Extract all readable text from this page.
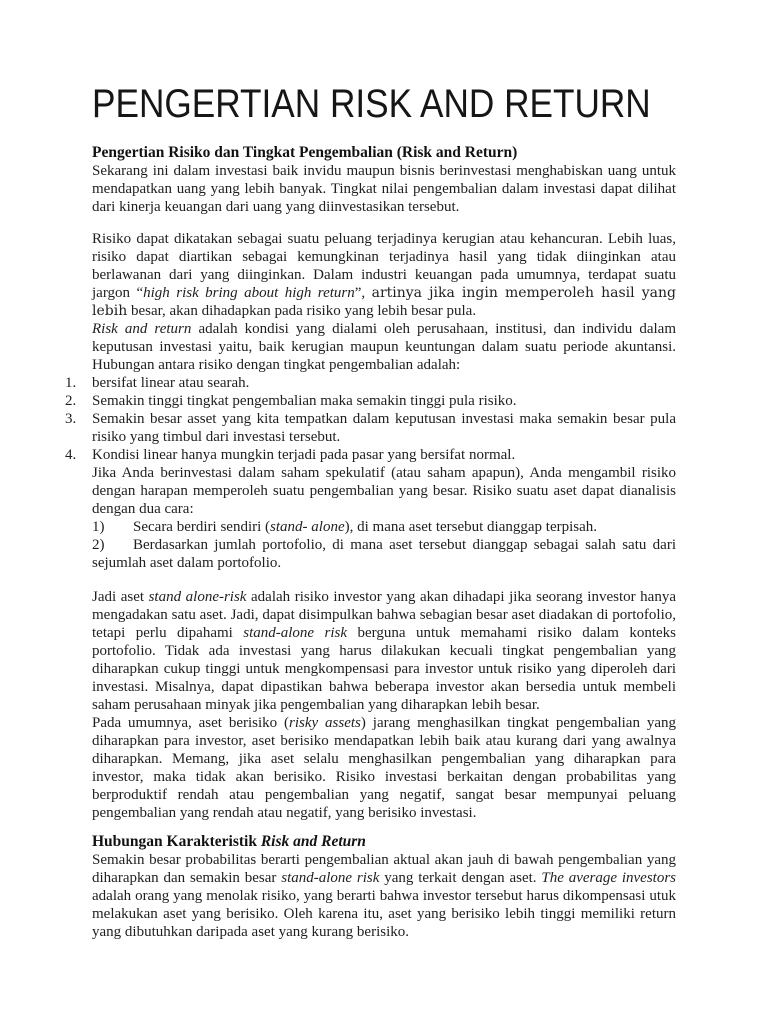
PENGERTIAN RISK AND RETURN
Pengertian Risiko dan Tingkat Pengembalian (Risk and Return)

Sekarang ini dalam investasi baik invidu maupun bisnis berinvestasi menghabiskan uang untuk mendapatkan uang yang lebih banyak. Tingkat nilai pengembalian dalam investasi dapat dilihat dari kinerja keuangan dari uang yang diinvestasikan tersebut.

Risiko dapat dikatakan sebagai suatu peluang terjadinya kerugian atau kehancuran. Lebih luas, risiko dapat diartikan sebagai kemungkinan terjadinya hasil yang tidak diinginkan atau berlawanan dari yang diinginkan. Dalam industri keuangan pada umumnya, terdapat suatu jargon “high risk bring about high return”, artinya jika ingin memperoleh hasil yang lebih besar, akan dihadapkan pada risiko yang lebih besar pula.

Risk and return adalah kondisi yang dialami oleh perusahaan, institusi, dan individu dalam keputusan investasi yaitu, baik kerugian maupun keuntungan dalam suatu periode akuntansi. Hubungan antara risiko dengan tingkat pengembalian adalah:

1.	bersifat linear atau searah.
2.	Semakin tinggi tingkat pengembalian maka semakin tinggi pula risiko.
3.	Semakin besar asset yang kita tempatkan dalam keputusan investasi maka semakin besar pula risiko yang timbul dari investasi tersebut.
4.	Kondisi linear hanya mungkin terjadi pada pasar yang bersifat normal.

Jika Anda berinvestasi dalam saham spekulatif (atau saham apapun), Anda mengambil risiko dengan harapan memperoleh suatu pengembalian yang besar. Risiko suatu aset dapat dianalisis dengan dua cara:

1) Secara berdiri sendiri (stand- alone), di mana aset tersebut dianggap terpisah.
2) Berdasarkan jumlah portofolio, di mana aset tersebut dianggap sebagai salah satu dari sejumlah aset dalam portofolio.

Jadi aset stand alone-risk adalah risiko investor yang akan dihadapi jika seorang investor hanya mengadakan satu aset. Jadi, dapat disimpulkan bahwa sebagian besar aset diadakan di portofolio, tetapi perlu dipahami stand-alone risk berguna untuk memahami risiko dalam konteks portofolio. Tidak ada investasi yang harus dilakukan kecuali tingkat pengembalian yang diharapkan cukup tinggi untuk mengkompensasi para investor untuk risiko yang diperoleh dari investasi. Misalnya, dapat dipastikan bahwa beberapa investor akan bersedia untuk membeli saham perusahaan minyak jika pengembalian yang diharapkan lebih besar.

Pada umumnya, aset berisiko (risky assets) jarang menghasilkan tingkat pengembalian yang diharapkan para investor, aset berisiko mendapatkan lebih baik atau kurang dari yang awalnya diharapkan. Memang, jika aset selalu menghasilkan pengembalian yang diharapkan para investor, maka tidak akan berisiko. Risiko investasi berkaitan dengan probabilitas yang berproduktif rendah atau pengembalian yang negatif, sangat besar mempunyai peluang pengembalian yang rendah atau negatif, yang berisiko investasi.

Hubungan Karakteristik Risk and Return

Semakin besar probabilitas berarti pengembalian aktual akan jauh di bawah pengembalian yang diharapkan dan semakin besar stand-alone risk yang terkait dengan aset. The average investors adalah orang yang menolak risiko, yang berarti bahwa investor tersebut harus dikompensasi utuk melakukan aset yang berisiko. Oleh karena itu, aset yang berisiko lebih tinggi memiliki return yang dibutuhkan daripada aset yang kurang berisiko.
